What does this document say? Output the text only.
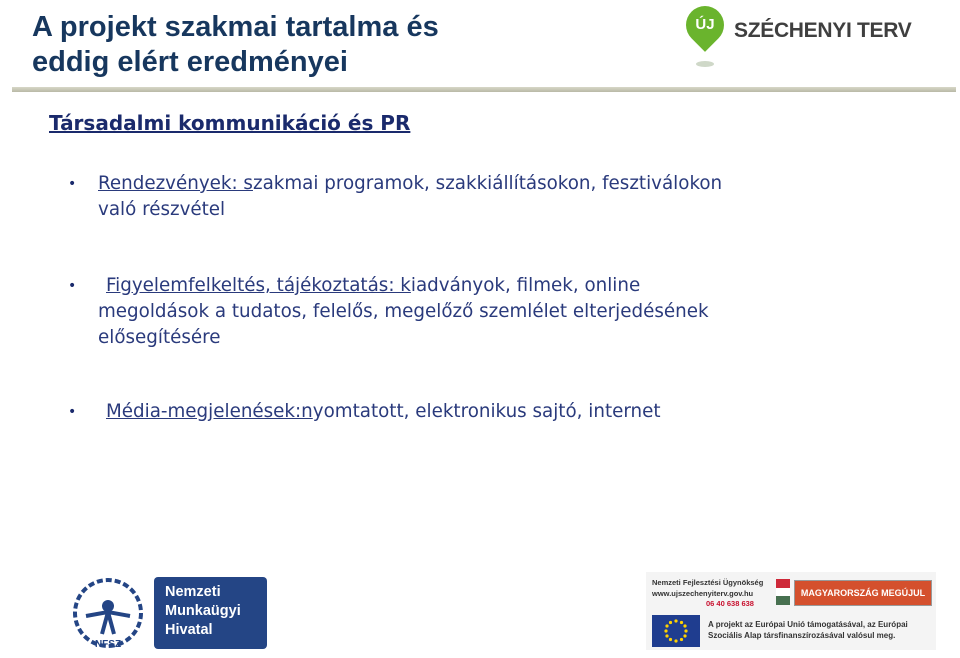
A projekt szakmai tartalma és
eddig elért eredményei
ÚJ SZÉCHENYI TERV
Társadalmi kommunikáció és PR
• Rendezvények: szakmai programok, szakkiállításokon, fesztiválokon
való részvétel
•	Figyelemfelkeltés, tájékoztatás: kiadványok, filmek, online
megoldások a tudatos, felelős, megelőző szemlélet elterjedésének
elősegítésére
•	Média-megjelenések:nyomtatott, elektronikus sajtó, internet
NFSZ
Nemzeti
Munkaügyi
Hivatal
Nemzeti Fejlesztési Ügynökség
www.ujszechenyiterv.gov.hu
06 40 638 638
MAGYARORSZÁG MEGÚJUL
A projekt az Európai Unió támogatásával, az Európai
Szociális Alap társfinanszírozásával valósul meg.
